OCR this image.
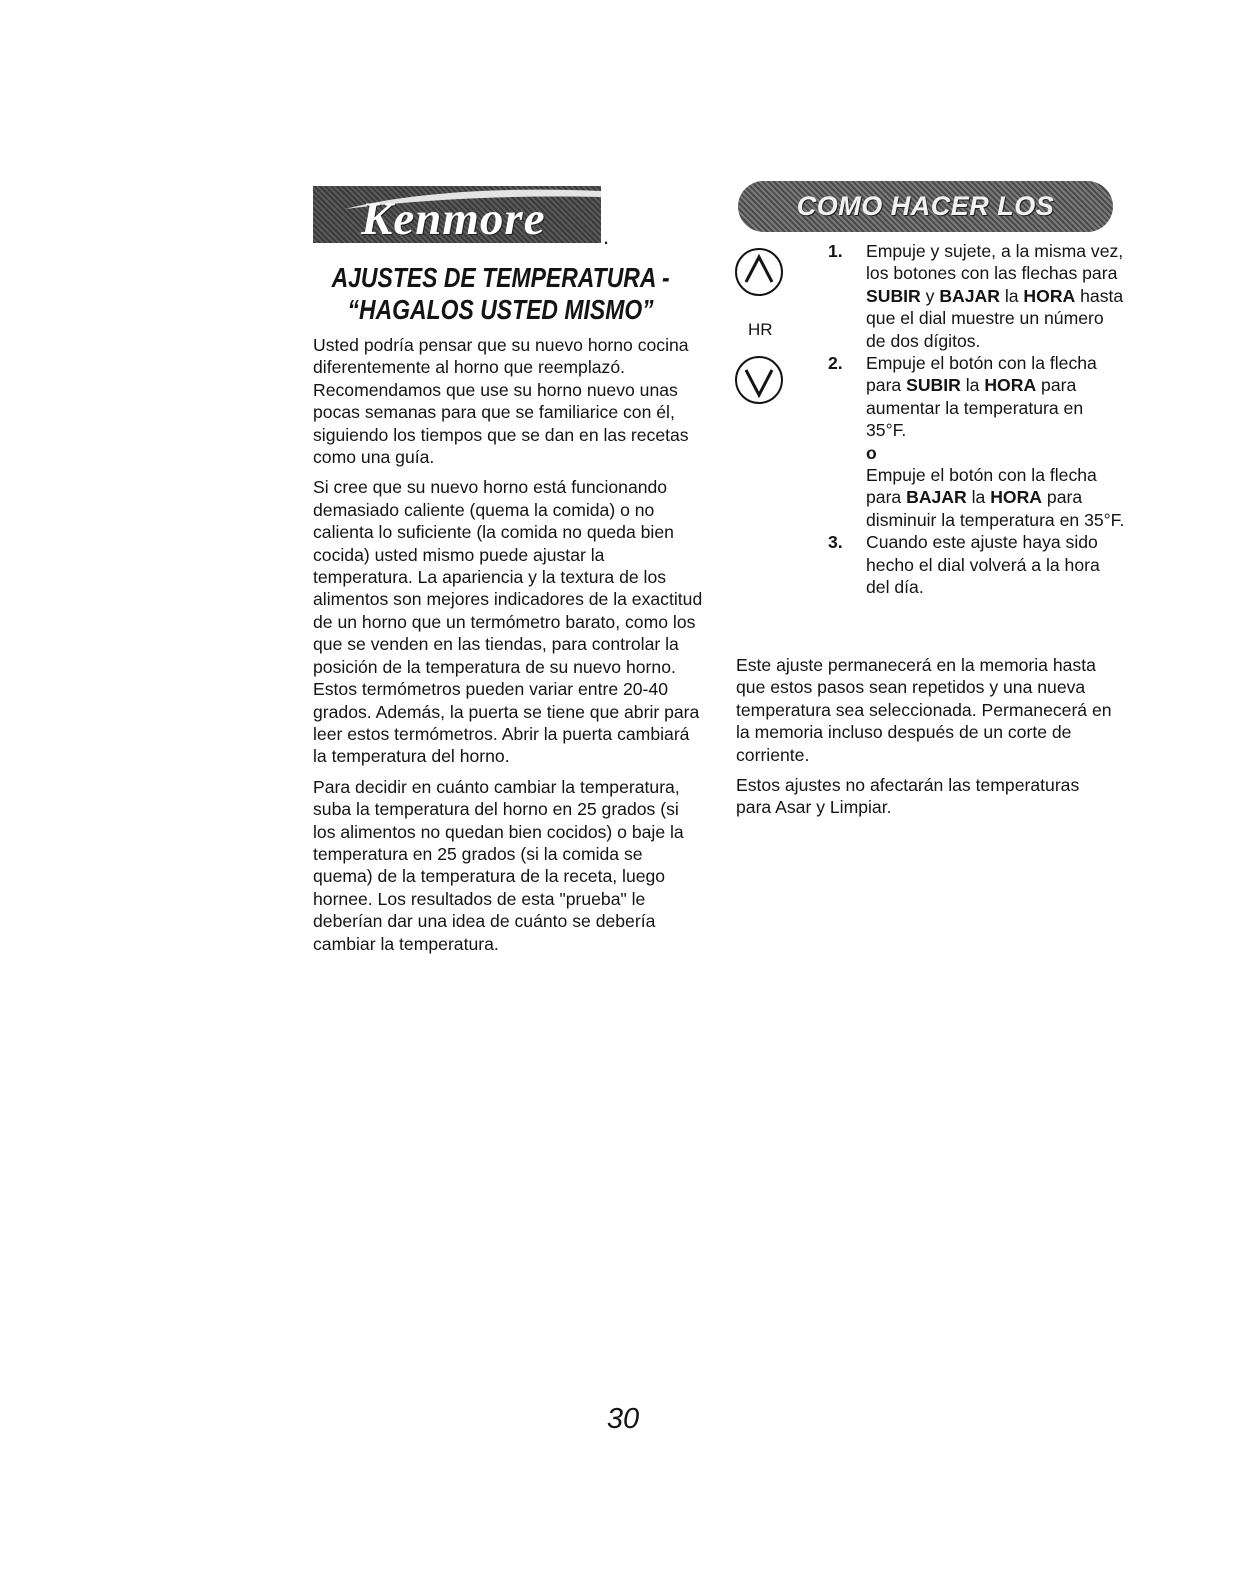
Kenmore	.
AJUSTES DE TEMPERATURA -
“HAGALOS USTED MISMO”

Usted podría pensar que su nuevo horno cocina diferentemente al horno que reemplazó. Recomendamos que use su horno nuevo unas pocas semanas para que se familiarice con él, siguiendo los tiempos que se dan en las recetas como una guía.

Si cree que su nuevo horno está funcionando demasiado caliente (quema la comida) o no calienta lo suficiente (la comida no queda bien cocida) usted mismo puede ajustar la temperatura. La apariencia y la textura de los alimentos son mejores indicadores de la exactitud de un horno que un termómetro barato, como los que se venden en las tiendas, para controlar la posición de la temperatura de su nuevo horno. Estos termómetros pueden variar entre 20-40 grados. Además, la puerta se tiene que abrir para leer estos termómetros. Abrir la puerta cambiará la temperatura del horno.

Para decidir en cuánto cambiar la temperatura, suba la temperatura del horno en 25 grados (si los alimentos no quedan bien cocidos) o baje la temperatura en 25 grados (si la comida se quema) de la temperatura de la receta, luego hornee. Los resultados de esta "prueba" le deberían dar una idea de cuánto se debería cambiar la temperatura.

COMO HACER LOS
HR
1. Empuje y sujete, a la misma vez, los botones con las flechas para SUBIR y BAJAR la HORA hasta que el dial muestre un número de dos dígitos.
2. Empuje el botón con la flecha para SUBIR la HORA para aumentar la temperatura en 35°F.
o
Empuje el botón con la flecha para BAJAR la HORA para disminuir la temperatura en 35°F.
3. Cuando este ajuste haya sido hecho el dial volverá a la hora del día.

Este ajuste permanecerá en la memoria hasta que estos pasos sean repetidos y una nueva temperatura sea seleccionada. Permanecerá en la memoria incluso después de un corte de corriente.

Estos ajustes no afectarán las temperaturas para Asar y Limpiar.

30
